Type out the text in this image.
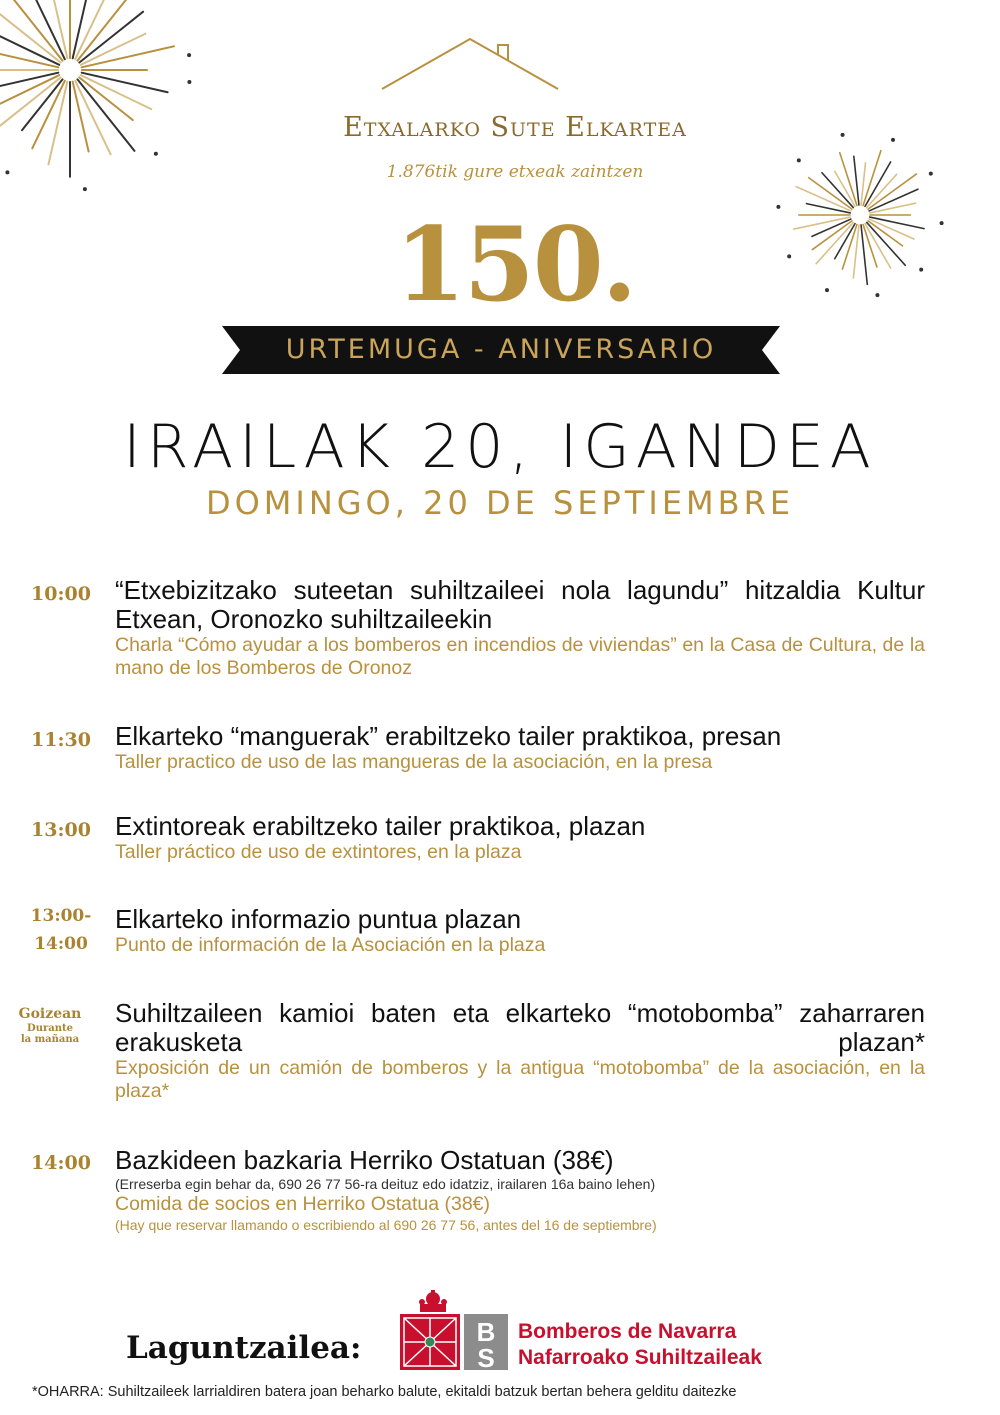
Etxalarko Sute Elkartea
1.876tik gure etxeak zaintzen
150.
URTEMUGA - ANIVERSARIO
IRAILAK 20, IGANDEA
DOMINGO, 20 DE SEPTIEMBRE
10:00 “Etxebizitzako suteetan suhiltzaileei nola lagundu” hitzaldia Kultur Etxean, Oronozko suhiltzaileekin
Charla “Cómo ayudar a los bomberos en incendios de viviendas” en la Casa de Cultura, de la mano de los Bomberos de Oronoz
11:30 Elkarteko “manguerak” erabiltzeko tailer praktikoa, presan
Taller practico de uso de las mangueras de la asociación, en la presa
13:00 Extintoreak erabiltzeko tailer praktikoa, plazan
Taller práctico de uso de extintores, en la plaza
13:00-
14:00
Elkarteko informazio puntua plazan
Punto de información de la Asociación en la plaza
Goizean
Durante
la mañana
Suhiltzaileen kamioi baten eta elkarteko “motobomba” zaharraren erakusketa plazan*
Exposición de un camión de bomberos y la antigua “motobomba” de la asociación, en la plaza*
14:00 Bazkideen bazkaria Herriko Ostatuan (38€)
(Erreserba egin behar da, 690 26 77 56-ra deituz edo idatziz, irailaren 16a baino lehen)
Comida de socios en Herriko Ostatua (38€)
(Hay que reservar llamando o escribiendo al 690 26 77 56, antes del 16 de septiembre)
Laguntzailea:	B
S
Bomberos de Navarra
Nafarroako Suhiltzaileak
*OHARRA: Suhiltzaileek larrialdiren batera joan beharko balute, ekitaldi batzuk bertan behera gelditu daitezke
